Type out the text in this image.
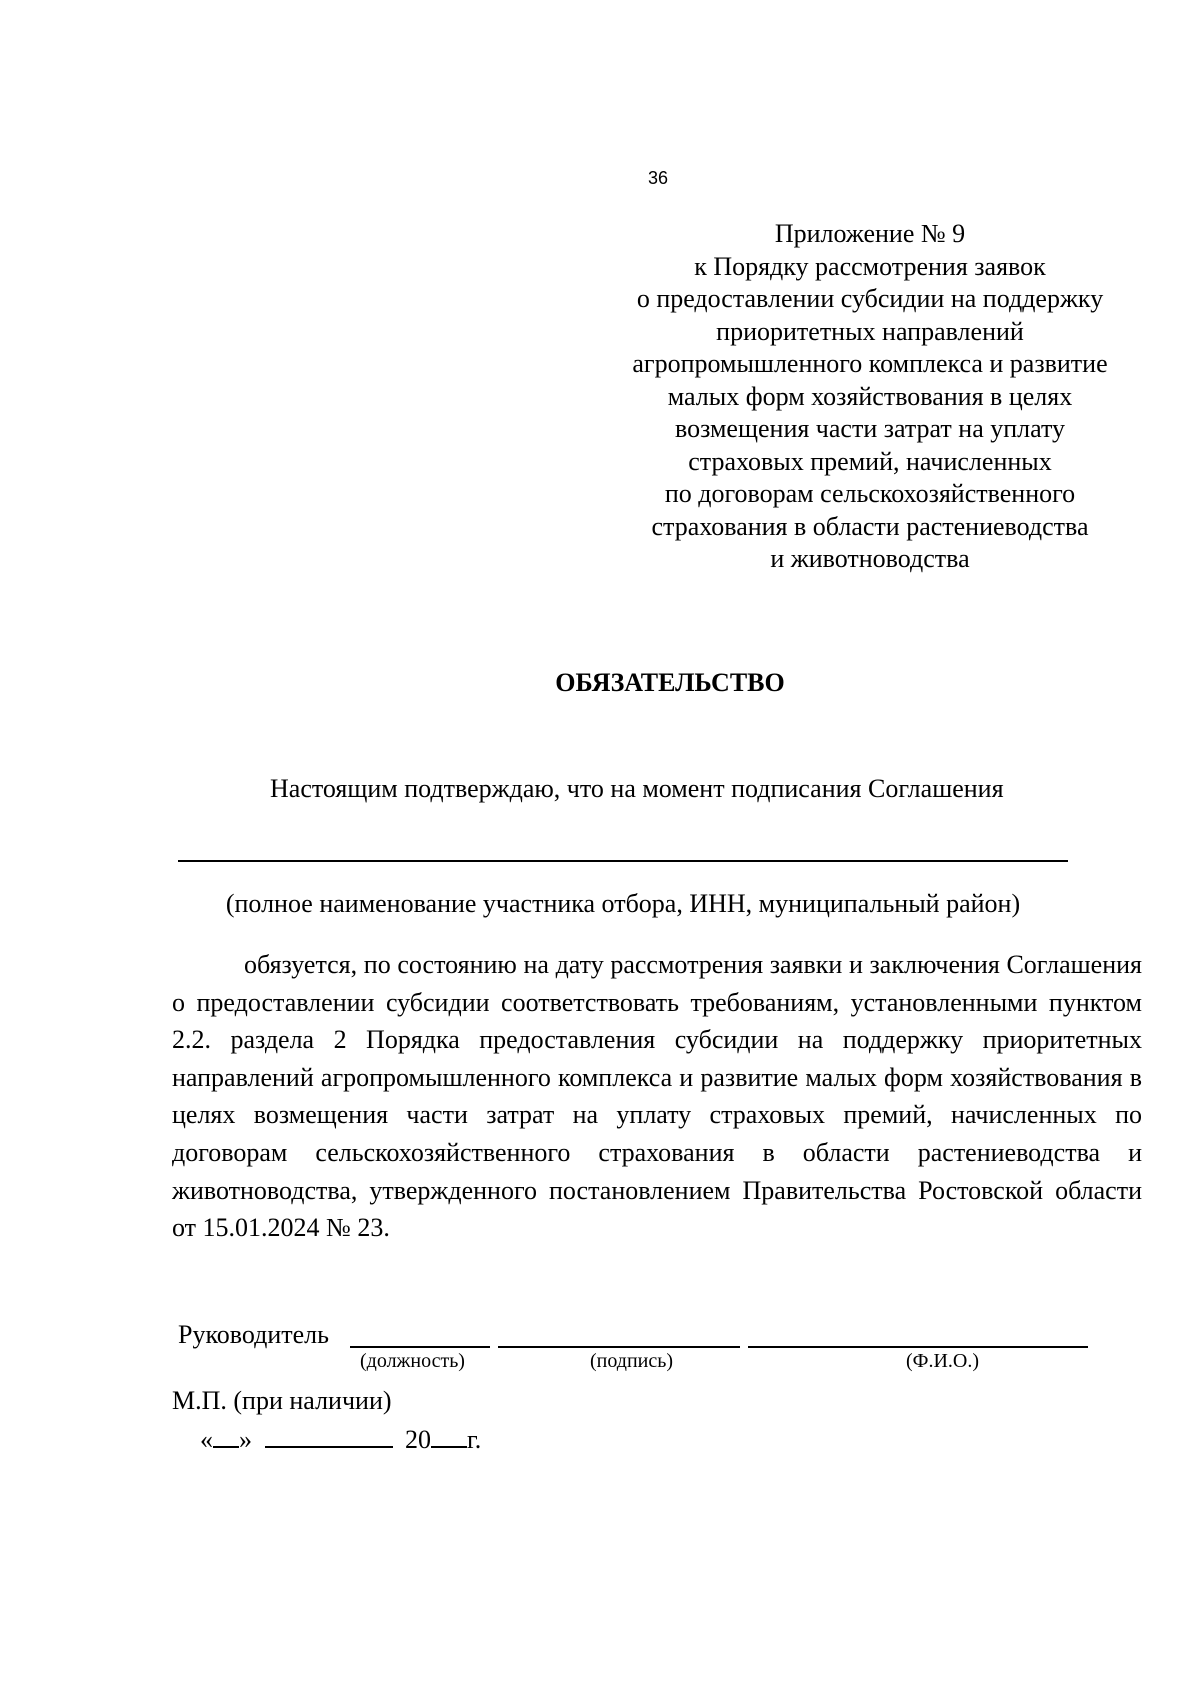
36
Приложение № 9
к Порядку рассмотрения заявок
о предоставлении субсидии на поддержку
приоритетных направлений
агропромышленного комплекса и развитие
малых форм хозяйствования в целях
возмещения части затрат на уплату
страховых премий, начисленных
по договорам сельскохозяйственного
страхования в области растениеводства
и животноводства
ОБЯЗАТЕЛЬСТВО
Настоящим подтверждаю, что на момент подписания Соглашения
(полное наименование участника отбора, ИНН, муниципальный район)
обязуется, по состоянию на дату рассмотрения заявки и заключения Соглашения о предоставлении субсидии соответствовать требованиям, установленными пунктом 2.2. раздела 2 Порядка предоставления субсидии на поддержку приоритетных направлений агропромышленного комплекса и развитие малых форм хозяйствования в целях возмещения части затрат на уплату страховых премий, начисленных по договорам сельскохозяйственного страхования в области растениеводства и животноводства, утвержденного постановлением Правительства Ростовской области от 15.01.2024 № 23.
Руководитель
(должность)	(подпись)	(Ф.И.О.)
М.П. (при наличии)
« »	20 г.
